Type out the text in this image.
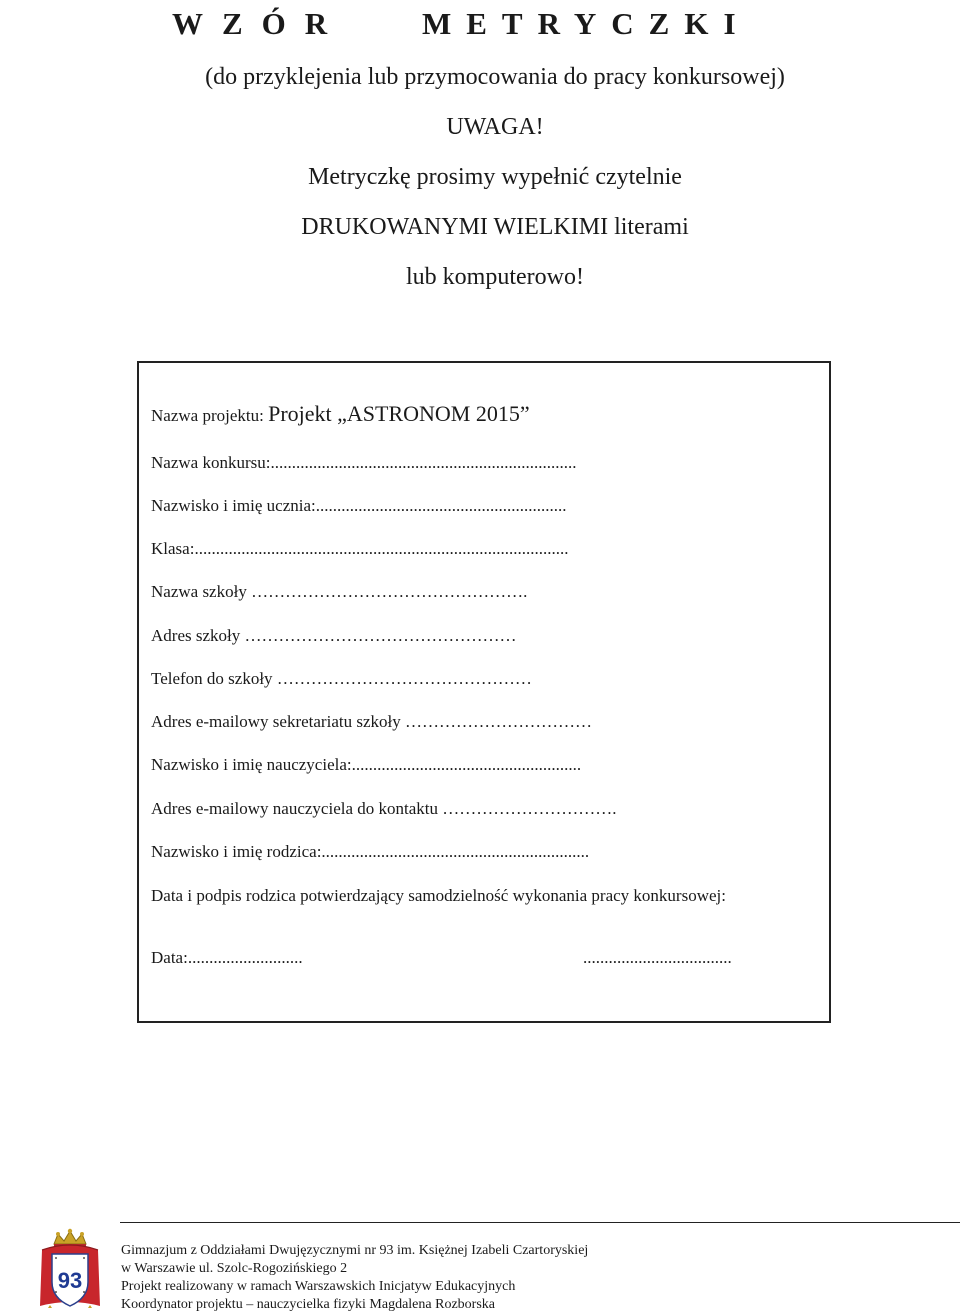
WZÓR METRYCZKI
(do przyklejenia lub przymocowania do pracy konkursowej)
UWAGA!
Metryczkę prosimy wypełnić czytelnie
DRUKOWANYMI WIELKIMI literami
lub komputerowo!
Nazwa projektu: Projekt „ASTRONOM 2015”
Nazwa konkursu:........................................................................
Nazwisko i imię ucznia:...........................................................
Klasa:........................................................................................
Nazwa szkoły ………………………………………….
Adres szkoły …………………………………………
Telefon do szkoły ………………………………………
Adres e-mailowy sekretariatu szkoły ……………………………
Nazwisko i imię nauczyciela:......................................................
Adres e-mailowy nauczyciela do kontaktu ………………………….
Nazwisko i imię rodzica:...............................................................
Data i podpis rodzica potwierdzający samodzielność wykonania pracy konkursowej:
Data:...........................	...................................
93
Gimnazjum z Oddziałami Dwujęzycznymi nr 93 im. Księżnej Izabeli Czartoryskiej
w Warszawie ul. Szolc-Rogozińskiego 2
Projekt realizowany w ramach Warszawskich Inicjatyw Edukacyjnych
Koordynator projektu – nauczycielka fizyki Magdalena Rozborska
